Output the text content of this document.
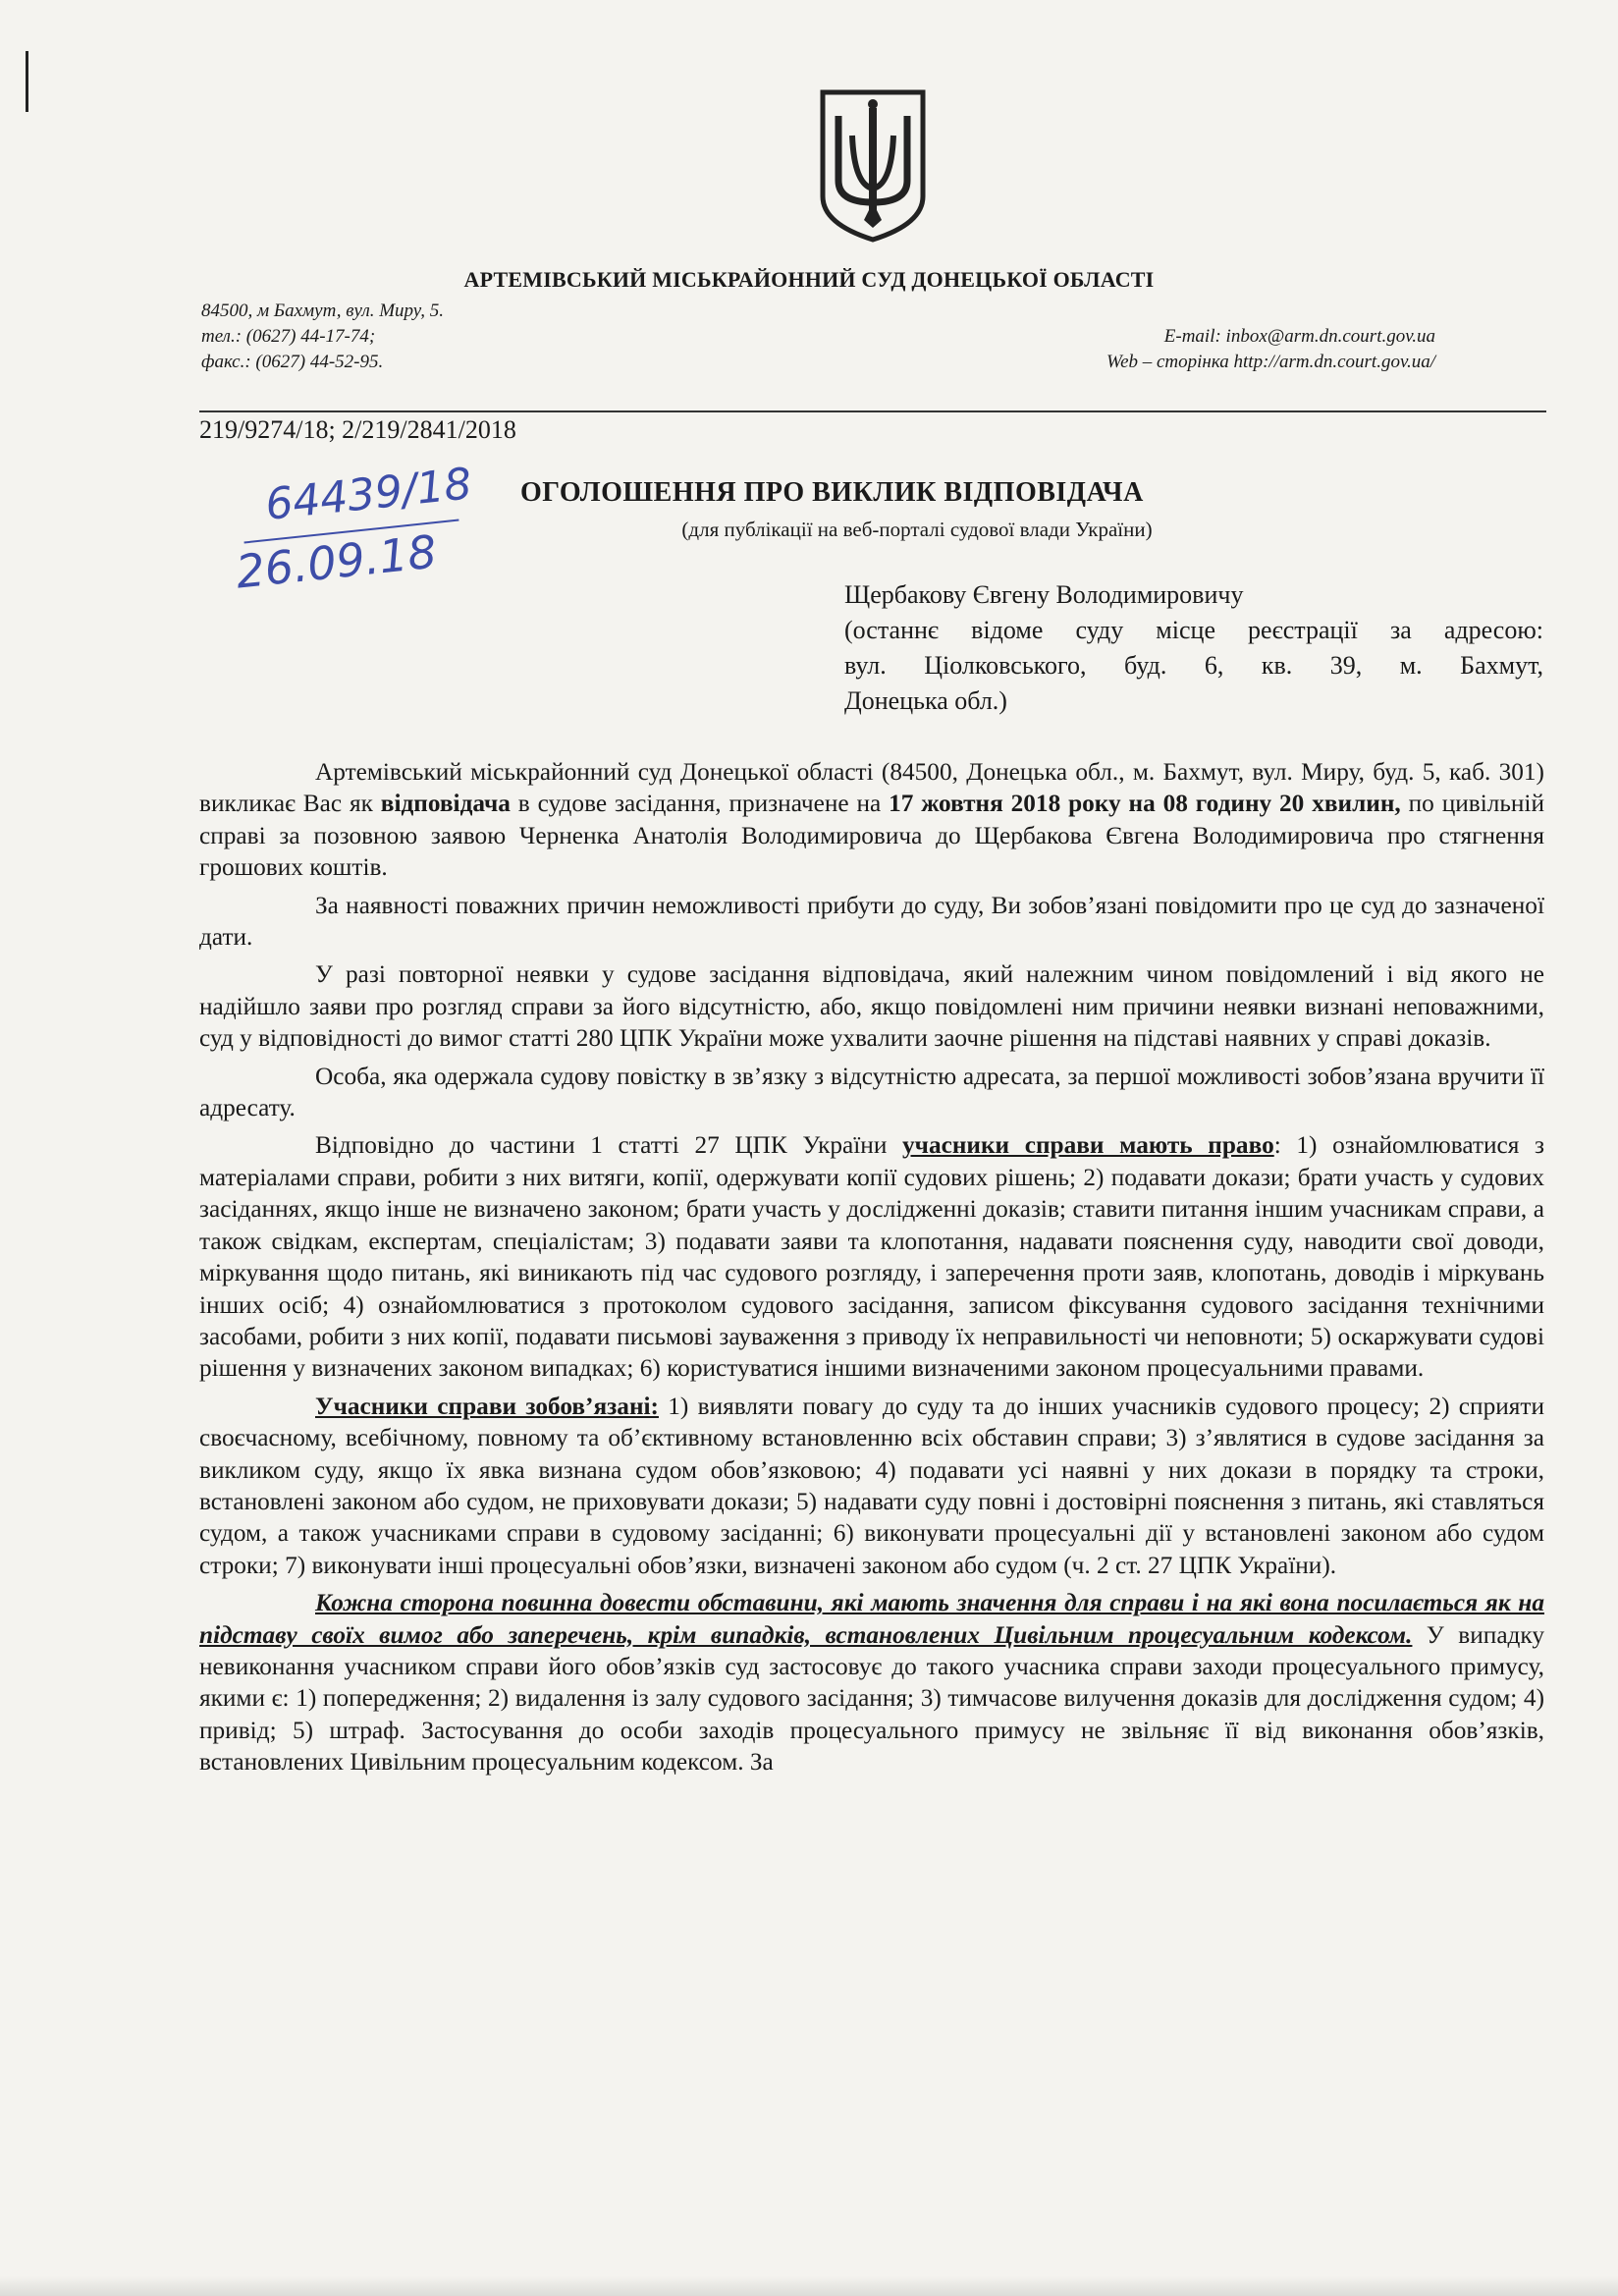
АРТЕМІВСЬКИЙ МІСЬКРАЙОННИЙ СУД ДОНЕЦЬКОЇ ОБЛАСТІ
84500, м Бахмут, вул. Миру, 5.
тел.: (0627) 44-17-74;
факс.: (0627) 44-52-95.
E-mail: inbox@arm.dn.court.gov.ua
Web – сторінка http://arm.dn.court.gov.ua/
219/9274/18; 2/219/2841/2018
64439/18
26.09.18
ОГОЛОШЕННЯ ПРО ВИКЛИК ВІДПОВІДАЧА
(для публікації на веб-порталі судової влади України)
Щербакову Євгену Володимировичу
(останнє відоме суду місце реєстрації за адресою:
вул. Ціолковського, буд. 6, кв. 39, м. Бахмут,
Донецька обл.)

Артемівський міськрайонний суд Донецької області (84500, Донецька обл., м. Бахмут, вул. Миру, буд. 5, каб. 301) викликає Вас як відповідача в судове засідання, призначене на 17 жовтня 2018 року на 08 годину 20 хвилин, по цивільній справі за позовною заявою Черненка Анатолія Володимировича до Щербакова Євгена Володимировича про стягнення грошових коштів.

За наявності поважних причин неможливості прибути до суду, Ви зобов’язані повідомити про це суд до зазначеної дати.

У разі повторної неявки у судове засідання відповідача, який належним чином повідомлений і від якого не надійшло заяви про розгляд справи за його відсутністю, або, якщо повідомлені ним причини неявки визнані неповажними, суд у відповідності до вимог статті 280 ЦПК України може ухвалити заочне рішення на підставі наявних у справі доказів.

Особа, яка одержала судову повістку в зв’язку з відсутністю адресата, за першої можливості зобов’язана вручити її адресату.

Відповідно до частини 1 статті 27 ЦПК України учасники справи мають право: 1) ознайомлюватися з матеріалами справи, робити з них витяги, копії, одержувати копії судових рішень; 2) подавати докази; брати участь у судових засіданнях, якщо інше не визначено законом; брати участь у дослідженні доказів; ставити питання іншим учасникам справи, а також свідкам, експертам, спеціалістам; 3) подавати заяви та клопотання, надавати пояснення суду, наводити свої доводи, міркування щодо питань, які виникають під час судового розгляду, і заперечення проти заяв, клопотань, доводів і міркувань інших осіб; 4) ознайомлюватися з протоколом судового засідання, записом фіксування судового засідання технічними засобами, робити з них копії, подавати письмові зауваження з приводу їх неправильності чи неповноти; 5) оскаржувати судові рішення у визначених законом випадках; 6) користуватися іншими визначеними законом процесуальними правами.

Учасники справи зобов’язані: 1) виявляти повагу до суду та до інших учасників судового процесу; 2) сприяти своєчасному, всебічному, повному та об’єктивному встановленню всіх обставин справи; 3) з’являтися в судове засідання за викликом суду, якщо їх явка визнана судом обов’язковою; 4) подавати усі наявні у них докази в порядку та строки, встановлені законом або судом, не приховувати докази; 5) надавати суду повні і достовірні пояснення з питань, які ставляться судом, а також учасниками справи в судовому засіданні; 6) виконувати процесуальні дії у встановлені законом або судом строки; 7) виконувати інші процесуальні обов’язки, визначені законом або судом (ч. 2 ст. 27 ЦПК України).

Кожна сторона повинна довести обставини, які мають значення для справи і на які вона посилається як на підставу своїх вимог або заперечень, крім випадків, встановлених Цивільним процесуальним кодексом. У випадку невиконання учасником справи його обов’язків суд застосовує до такого учасника справи заходи процесуального примусу, якими є: 1) попередження; 2) видалення із залу судового засідання; 3) тимчасове вилучення доказів для дослідження судом; 4) привід; 5) штраф. Застосування до особи заходів процесуального примусу не звільняє її від виконання обов’язків, встановлених Цивільним процесуальним кодексом. За
